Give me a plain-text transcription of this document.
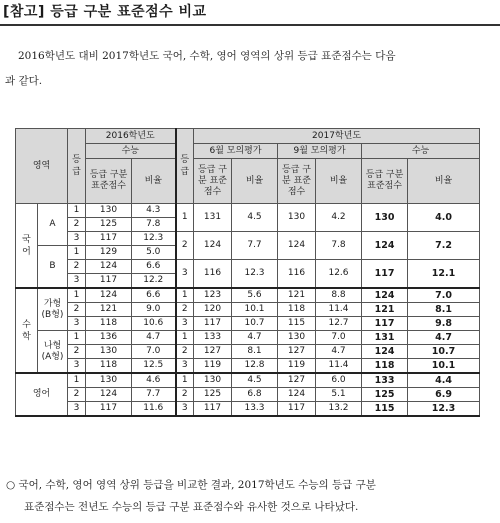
[참고] 등급 구분 표준점수 비교
2016학년도 대비 2017학년도 국어, 수학, 영어 영역의 상위 등급 표준점수는 다음
과 같다.
영역		등급	2016학년도		등급	2017학년도					
			수능			6월 모의평가		9월 모의평가		수능	
			등급 구분 표준점수	비율		등급 구분 표준점수	비율	등급 구분 표준점수	비율	등급 구분 표준점수	비율
국어	A	1	130	4.3	1	131	4.5	130	4.2	130	4.0
		2	125	7.8							
		3	117	12.3	2	124	7.7	124	7.8	124	7.2
	B	1	129	5.0							
		2	124	6.6	3	116	12.3	116	12.6	117	12.1
		3	117	12.2							
수학	가형 (B형)	1	124	6.6	1	123	5.6	121	8.8	124	7.0
		2	121	9.0	2	120	10.1	118	11.4	121	8.1
		3	118	10.6	3	117	10.7	115	12.7	117	9.8
	나형 (A형)	1	136	4.7	1	133	4.7	130	7.0	131	4.7
		2	130	7.0	2	127	8.1	127	4.7	124	10.7
		3	118	12.5	3	119	12.8	119	11.4	118	10.1
영어		1	130	4.6	1	130	4.5	127	6.0	133	4.4
		2	124	7.7	2	125	6.8	124	5.1	125	6.9
		3	117	11.6	3	117	13.3	117	13.2	115	12.3
○ 국어, 수학, 영어 영역 상위 등급을 비교한 결과, 2017학년도 수능의 등급 구분
표준점수는 전년도 수능의 등급 구분 표준점수와 유사한 것으로 나타났다.
